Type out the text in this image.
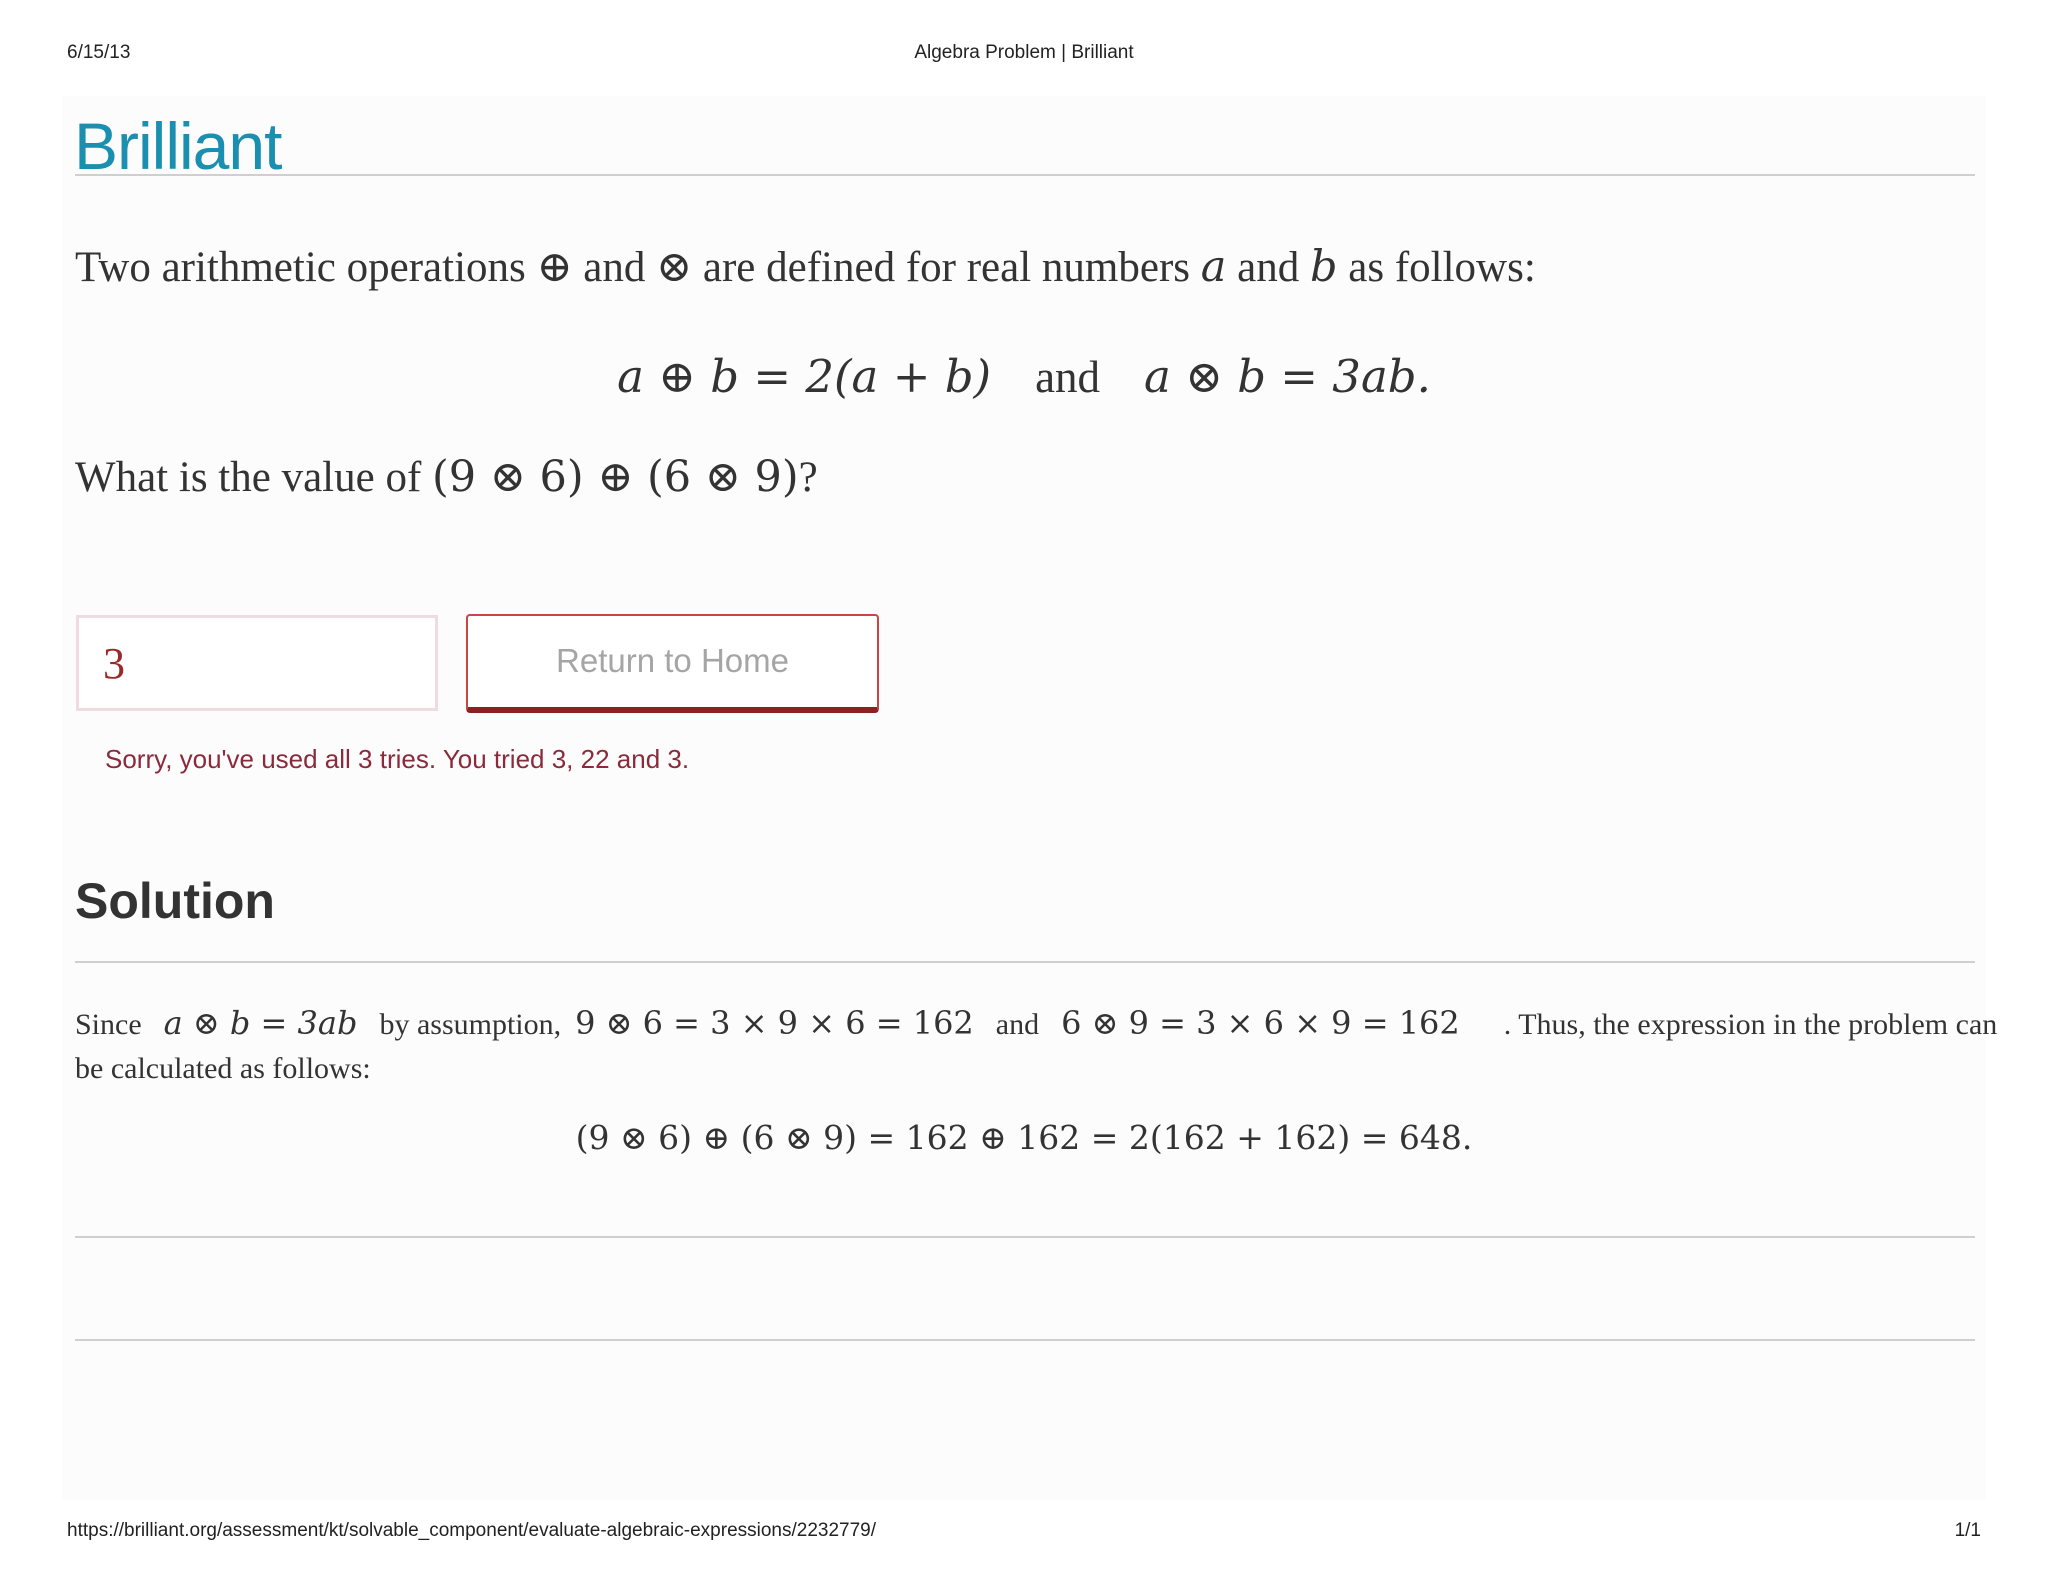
6/15/13	Algebra Problem | Brilliant
Brilliant
Two arithmetic operations ⊕ and ⊗ are defined for real numbers a and b as follows:
a ⊕ b = 2(a + b) and a ⊗ b = 3ab.
What is the value of (9 ⊗ 6) ⊕ (6 ⊗ 9)?
3
Return to Home
Sorry, you've used all 3 tries. You tried 3, 22 and 3.
Solution
Since a ⊗ b = 3ab by assumption, 9 ⊗ 6 = 3 × 9 × 6 = 162 and 6 ⊗ 9 = 3 × 6 × 9 = 162 . Thus, the expression in the problem can
be calculated as follows:
(9 ⊗ 6) ⊕ (6 ⊗ 9) = 162 ⊕ 162 = 2(162 + 162) = 648.
https://brilliant.org/assessment/kt/solvable_component/evaluate-algebraic-expressions/2232779/	1/1
